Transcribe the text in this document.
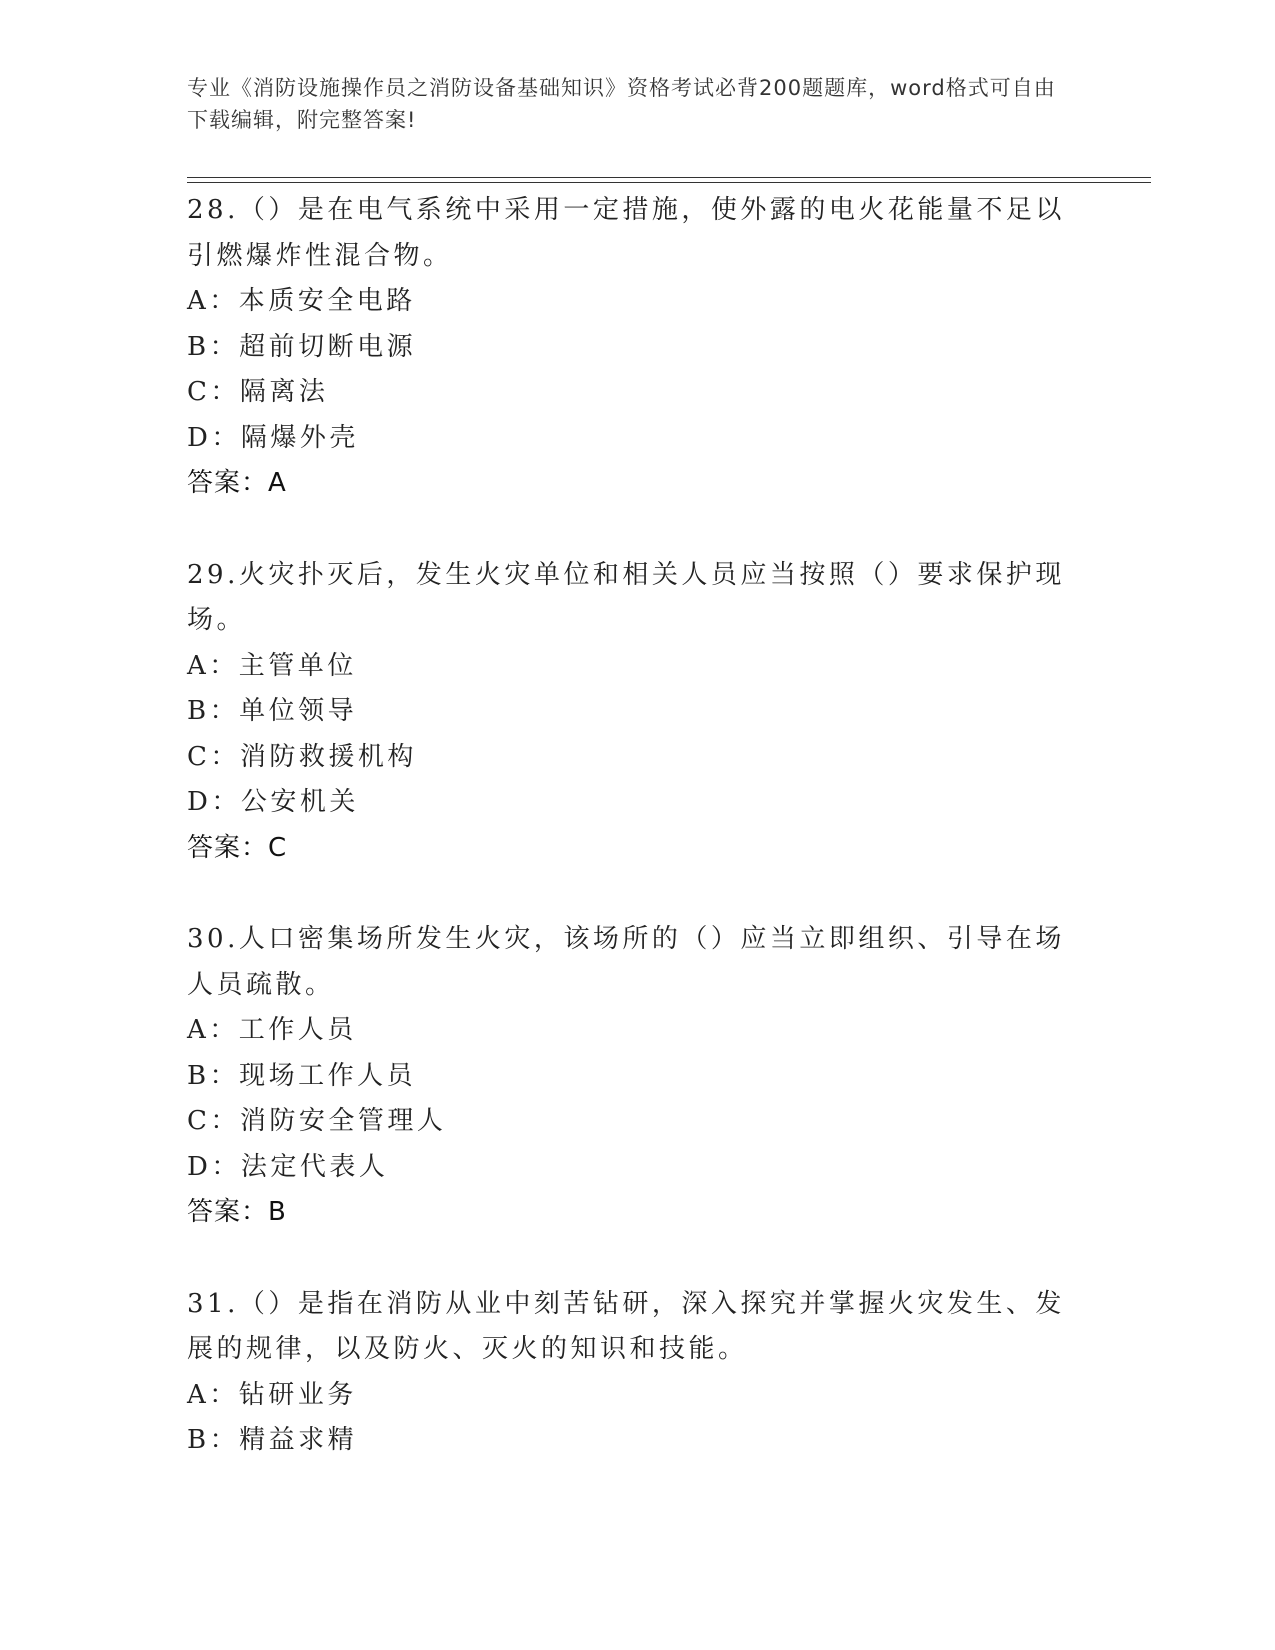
专业《消防设施操作员之消防设备基础知识》资格考试必背200题题库，word格式可自由下载编辑，附完整答案!
28.（）是在电气系统中采用一定措施，使外露的电火花能量不足以引燃爆炸性混合物。
A：本质安全电路
B：超前切断电源
C：隔离法
D：隔爆外壳
答案：A
29.火灾扑灭后，发生火灾单位和相关人员应当按照（）要求保护现场。
A：主管单位
B：单位领导
C：消防救援机构
D：公安机关
答案：C
30.人口密集场所发生火灾，该场所的（）应当立即组织、引导在场人员疏散。
A：工作人员
B：现场工作人员
C：消防安全管理人
D：法定代表人
答案：B
31.（）是指在消防从业中刻苦钻研，深入探究并掌握火灾发生、发展的规律，以及防火、灭火的知识和技能。
A：钻研业务
B：精益求精
